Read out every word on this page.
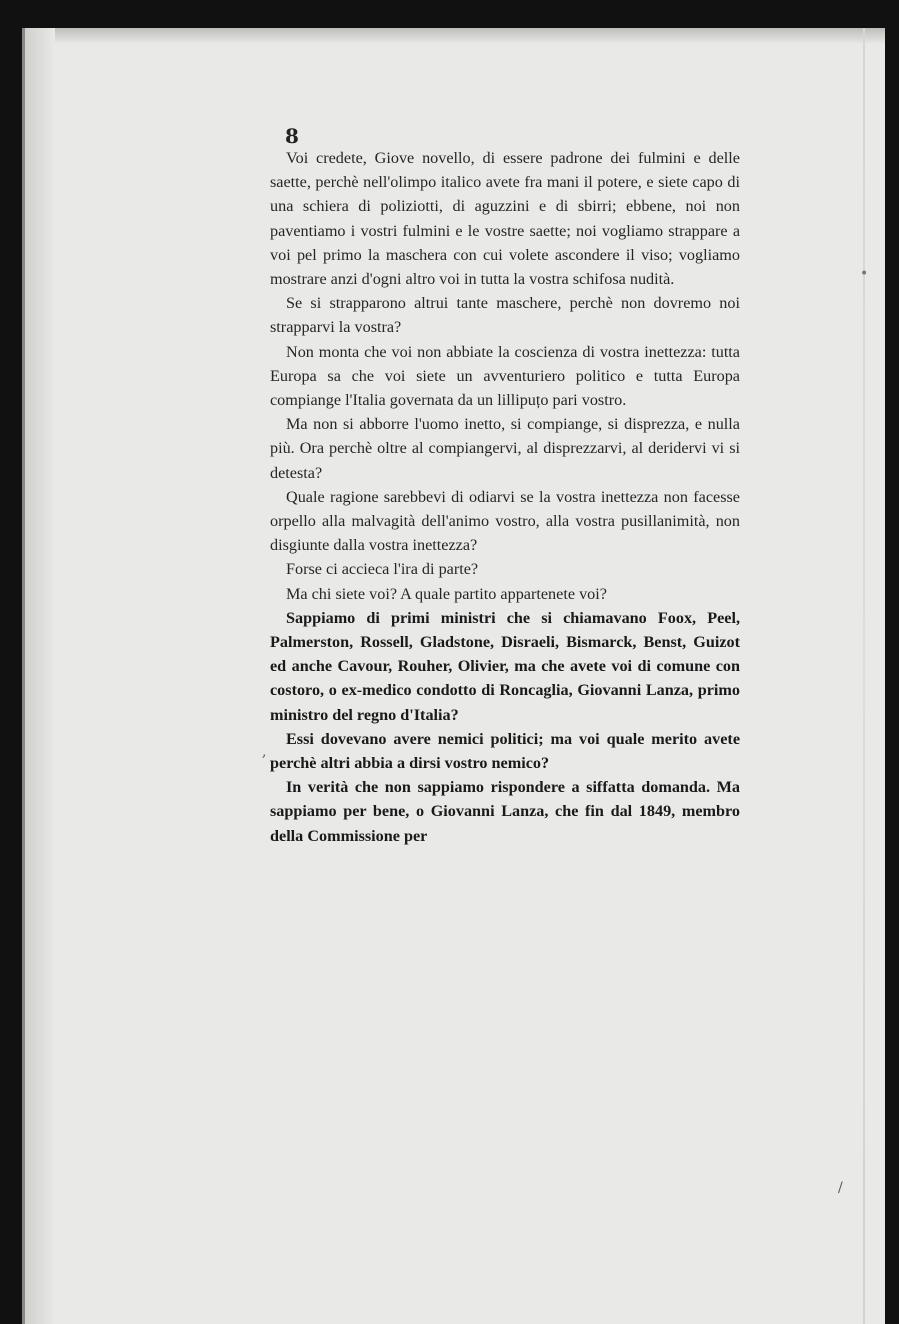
8

Voi credete, Giove novello, di essere padrone dei fulmini e delle saette, perchè nell'olimpo italico avete fra mani il potere, e siete capo di una schiera di poliziotti, di aguzzini e di sbirri; ebbene, noi non paventiamo i vostri fulmini e le vostre saette; noi vogliamo strappare a voi pel primo la maschera con cui volete ascondere il viso; vogliamo mostrare anzi d'ogni altro voi in tutta la vostra schifosa nudità.

Se si strapparono altrui tante maschere, perchè non dovremo noi strapparvi la vostra?

Non monta che voi non abbiate la coscienza di vostra inettezza: tutta Europa sa che voi siete un avventuriero politico e tutta Europa compiange l'Italia governata da un lillipuțo pari vostro.

Ma non si abborre l'uomo inetto, si compiange, si disprezza, e nulla più. Ora perchè oltre al compiangervi, al disprezzarvi, al deridervi vi si detesta?

Quale ragione sarebbevi di odiarvi se la vostra inettezza non facesse orpello alla malvagità dell'animo vostro, alla vostra pusillanimità, non disgiunte dalla vostra inettezza?

Forse ci accieca l'ira di parte?

Ma chi siete voi? A quale partito appartenete voi?

Sappiamo di primi ministri che si chiamavano Foox, Peel, Palmerston, Rossell, Gladstone, Disraeli, Bismarck, Benst, Guizot ed anche Cavour, Rouher, Olivier, ma che avete voi di comune con costoro, o ex-medico condotto di Roncaglia, Giovanni Lanza, primo ministro del regno d'Italia?

Essi dovevano avere nemici politici; ma voi quale merito avete perchè altri abbia a dirsi vostro nemico?

In verità che non sappiamo rispondere a siffatta domanda. Ma sappiamo per bene, o Giovanni Lanza, che fin dal 1849, membro della Commissione per

,
/
•
